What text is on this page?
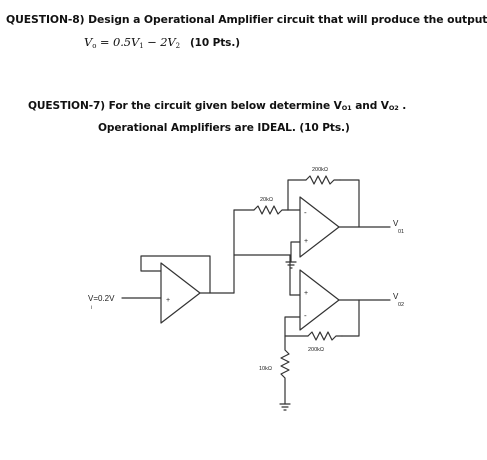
QUESTION-8) Design a Operational Amplifier circuit that will produce the output
$V_o = 0.5V_1 - 2V_2$ (10 Pts.)
QUESTION-7) For the circuit given below determine VO1 and VO2 .
Operational Amplifiers are IDEAL. (10 Pts.)
V=0.2V
i
+
20kΩ
-
+
200kΩ
V
01
+
-
V
02
200kΩ
10kΩ
